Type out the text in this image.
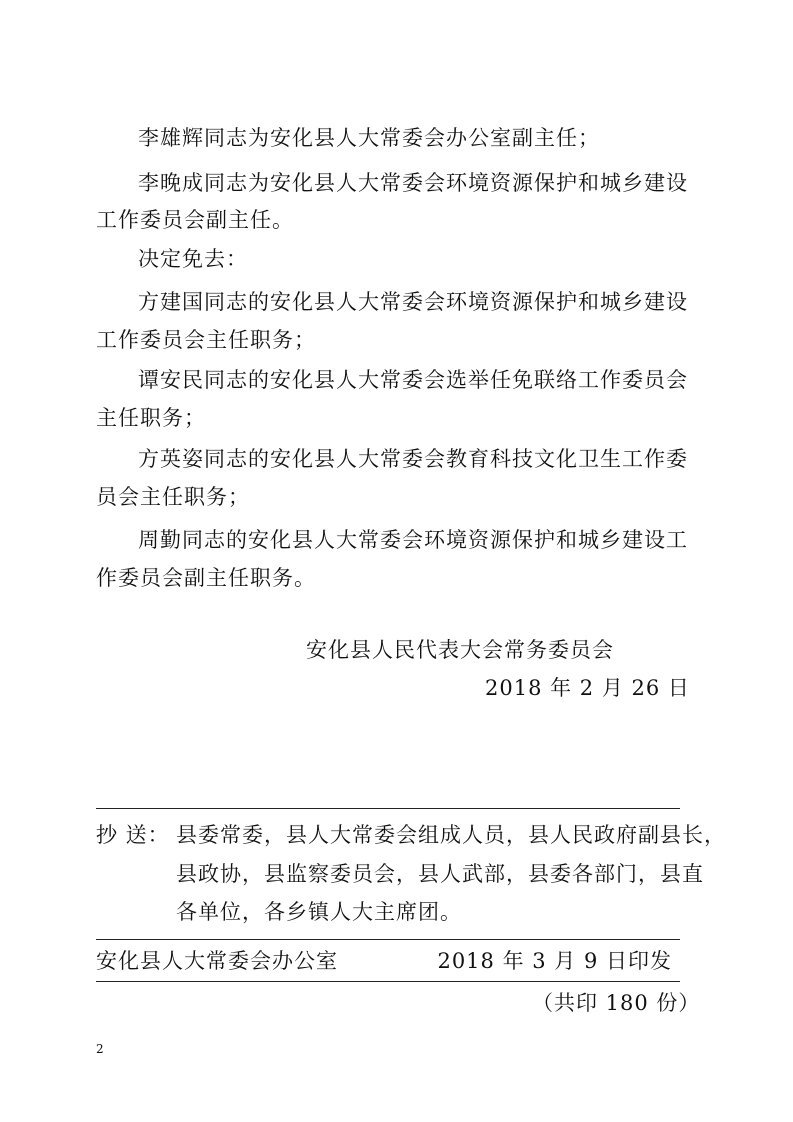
李雄辉同志为安化县人大常委会办公室副主任；
李晚成同志为安化县人大常委会环境资源保护和城乡建设
工作委员会副主任。
决定免去：
方建国同志的安化县人大常委会环境资源保护和城乡建设
工作委员会主任职务；
谭安民同志的安化县人大常委会选举任免联络工作委员会
主任职务；
方英姿同志的安化县人大常委会教育科技文化卫生工作委
员会主任职务；
周勤同志的安化县人大常委会环境资源保护和城乡建设工
作委员会副主任职务。
安化县人民代表大会常务委员会
2018 年 2 月 26 日
抄 送： 县委常委，县人大常委会组成人员，县人民政府副县长，
县政协，县监察委员会，县人武部，县委各部门，县直
各单位，各乡镇人大主席团。
安化县人大常委会办公室	2018 年 3 月 9 日印发
（共印 180 份）
2
